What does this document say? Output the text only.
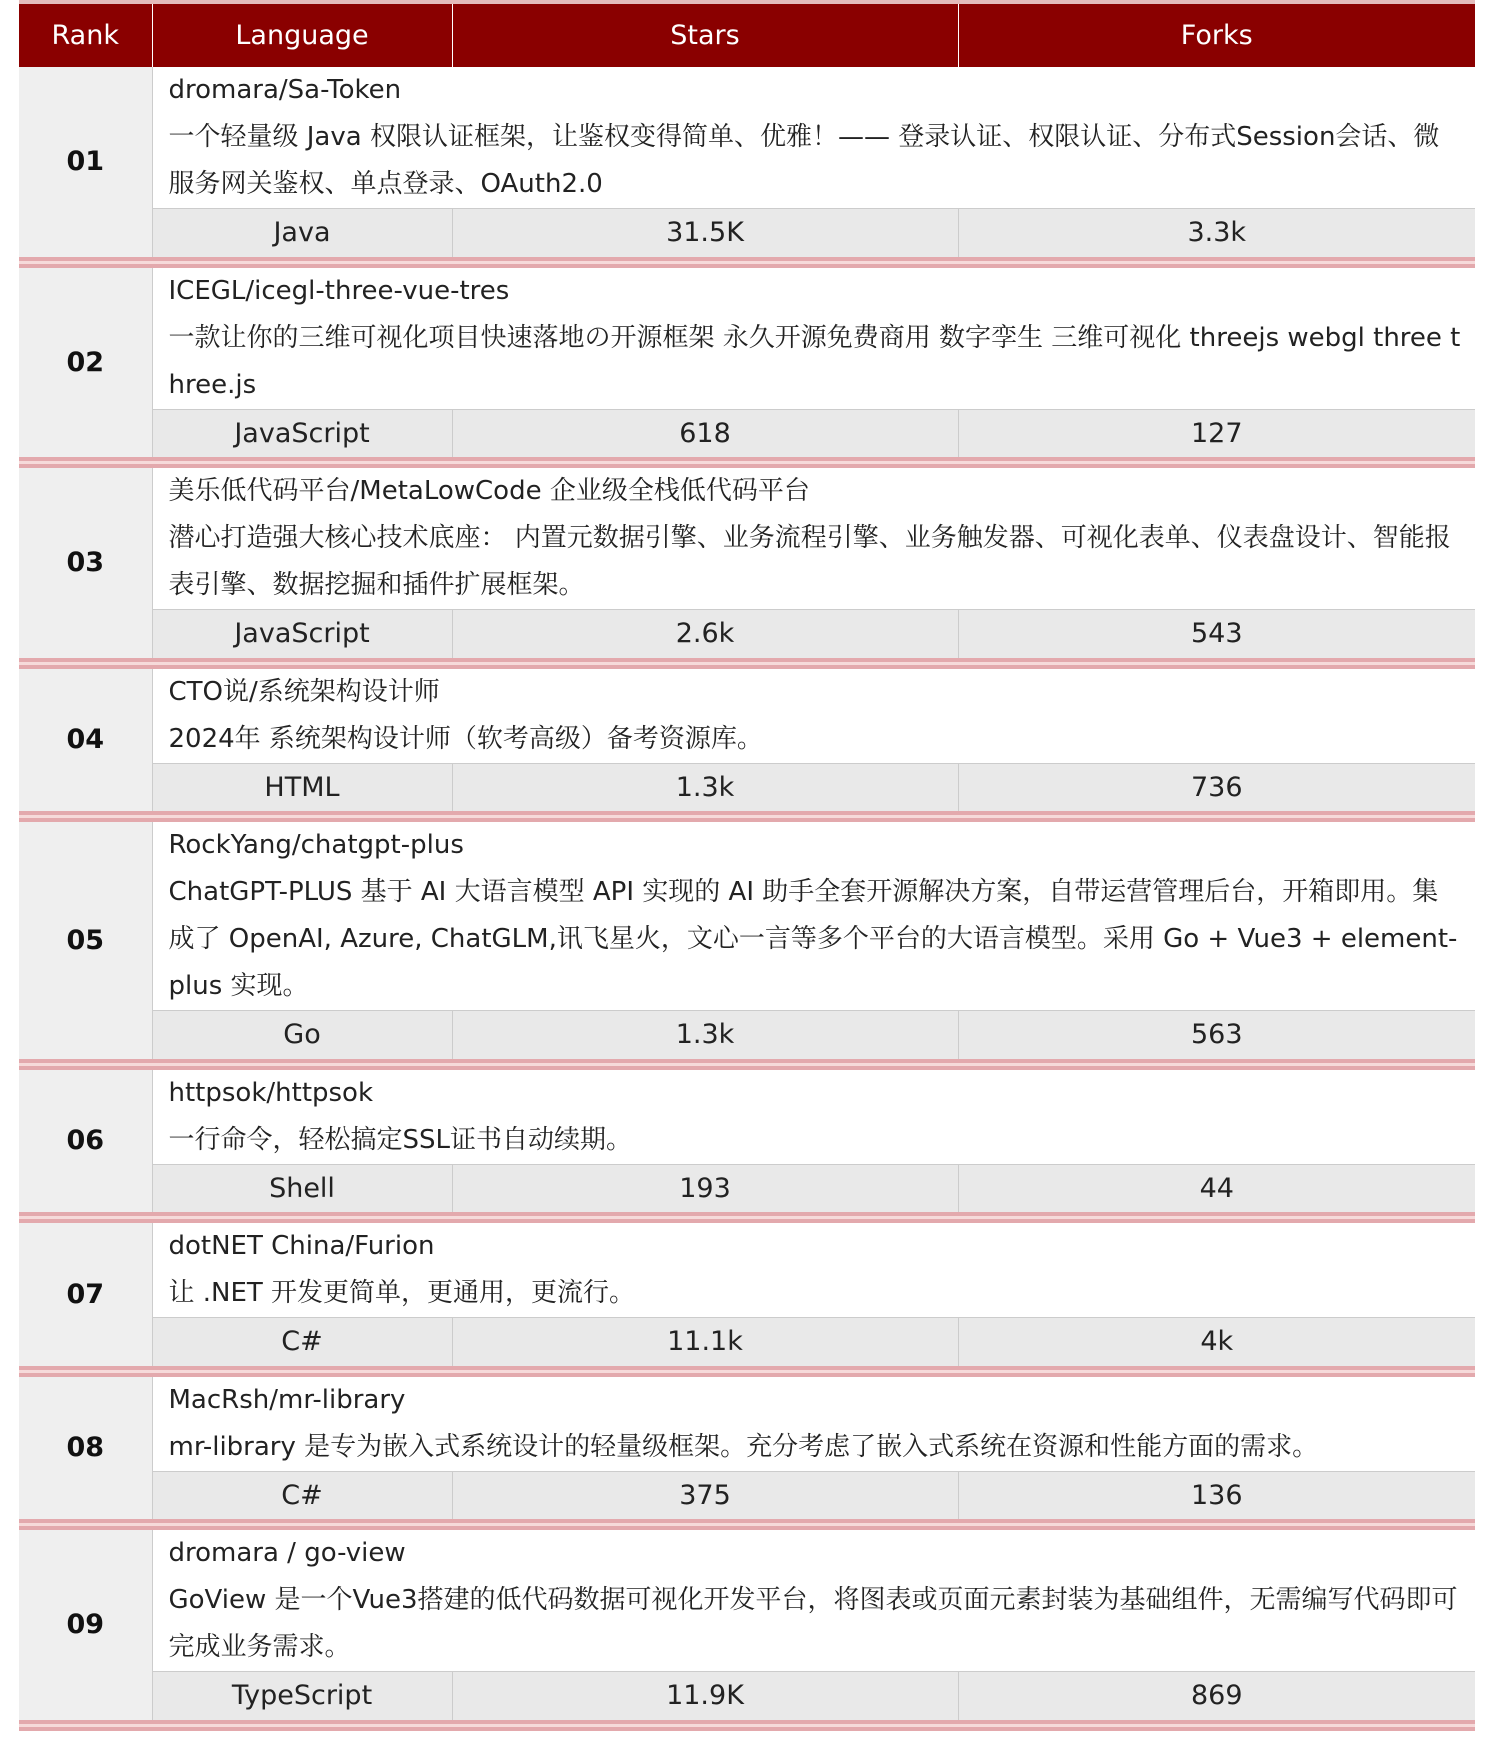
Rank	Language	Stars	Forks
01	dromara/Sa-Token
一个轻量级 Java 权限认证框架，让鉴权变得简单、优雅！—— 登录认证、权限认证、分布式Session会话、微服务网关鉴权、单点登录、OAuth2.0		

	Java	31.5K	3.3k

02	ICEGL/icegl-three-vue-tres
一款让你的三维可视化项目快速落地の开源框架 永久开源免费商用 数字孪生 三维可视化 threejs webgl three three.js		

	JavaScript	618	127

03	美乐低代码平台/MetaLowCode 企业级全栈低代码平台
潜心打造强大核心技术底座： 内置元数据引擎、业务流程引擎、业务触发器、可视化表单、仪表盘设计、智能报表引擎、数据挖掘和插件扩展框架。		

	JavaScript	2.6k	543

04	CTO说/系统架构设计师
2024年 系统架构设计师（软考高级）备考资源库。		

	HTML	1.3k	736

05	RockYang/chatgpt-plus
ChatGPT-PLUS 基于 AI 大语言模型 API 实现的 AI 助手全套开源解决方案，自带运营管理后台，开箱即用。集成了 OpenAI, Azure, ChatGLM,讯飞星火，文心一言等多个平台的大语言模型。采用 Go + Vue3 + element-plus 实现。		

	Go	1.3k	563

06	httpsok/httpsok
一行命令，轻松搞定SSL证书自动续期。		

	Shell	193	44

07	dotNET China/Furion
让 .NET 开发更简单，更通用，更流行。		

	C#	11.1k	4k

08	MacRsh/mr-library
mr-library 是专为嵌入式系统设计的轻量级框架。充分考虑了嵌入式系统在资源和性能方面的需求。		

	C#	375	136

09	dromara / go-view
GoView 是一个Vue3搭建的低代码数据可视化开发平台，将图表或页面元素封装为基础组件，无需编写代码即可完成业务需求。		

	TypeScript	11.9K	869
